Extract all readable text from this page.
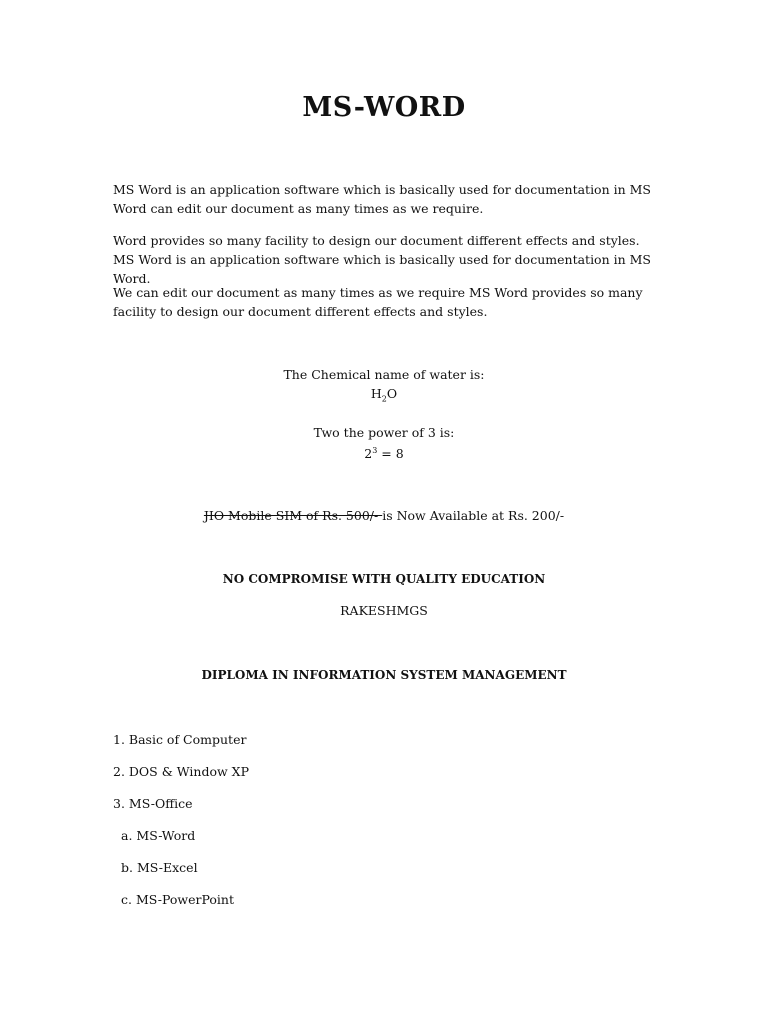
MS-WORD
MS Word is an application software which is basically used for documentation in MS Word can edit our document as many times as we require.
Word provides so many facility to design our document different effects and styles. MS Word is an application software which is basically used for documentation in MS Word.
We can edit our document as many times as we require MS Word provides so many facility to design our document different effects and styles.
The Chemical name of water is:
$H_2O$
Two the power of 3 is:
$2^3 = 8$
JIO Mobile SIM of Rs. 500/- is Now Available at Rs. 200/-
NO COMPROMISE WITH QUALITY EDUCATION
RAKESHMGS
DIPLOMA IN INFORMATION SYSTEM MANAGEMENT
1. Basic of Computer
2. DOS & Window XP
3. MS-Office
a. MS-Word
b. MS-Excel
c. MS-PowerPoint
